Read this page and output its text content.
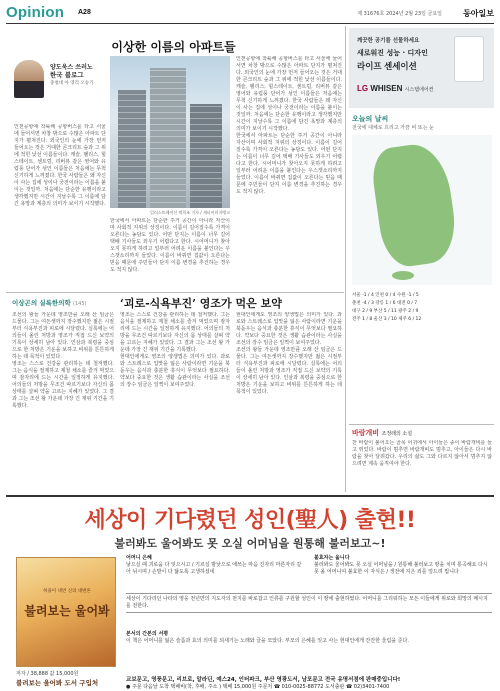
Opinion A28	제 31676호 2024년 2월 23일 금요일	동아일보
이상한 이름의 아파트들
양도욱스 쓰러노
한국 블로그
충청대 아 영리 오승기

인천공항에 착륙해 공항버스를 타고 서울에 들어서면 차창 밖으로 수많은 아파트 단지가 펼쳐진다. 외국인의 눈에 가장 먼저 들어오는 것은 거대한 콘크리트 숲과 그 위에 적힌 낯선 이름들이다. 캐슬, 팰리스, 힐스테이트, 센트럴, 리버뷰 같은 영어와 유럽풍 단어가 섞인 이름들은 처음에는 무척 신기하게 느껴졌다. 한국 사람들은 왜 자신이 사는 집에 성이나 궁전이라는 이름을 붙이는 것일까. 처음에는 단순한 유행이라고 생각했지만 시간이 지날수록 그 이름에 담긴 욕망과 계층의 의미가 보이기 시작했다.

일러스트레이션 박희조 기자 / 게티이미지뱅크

한국에서 아파트는 단순한 주거 공간이 아니라 자산이며 사회적 지위의 상징이다. 이름이 길어질수록 가격이 오른다는 농담도 있다. 어떤 단지는 이름이 너무 길어 택배 기사들도 외우기 어렵다고 한다. 시어머니가 찾아오지 못하게 하려고 일부러 어려운 이름을 붙인다는 우스갯소리까지 들었다. 이름이 바뀌면 집값이 오른다는 믿음 때문에 주민들이 단지 이름 변경을 추진하는 경우도 적지 않다.

인천공항에 착륙해 공항버스를 타고 서울에 들어서면 차창 밖으로 수많은 아파트 단지가 펼쳐진다. 외국인의 눈에 가장 먼저 들어오는 것은 거대한 콘크리트 숲과 그 위에 적힌 낯선 이름들이다. 캐슬, 팰리스, 힐스테이트, 센트럴, 리버뷰 같은 영어와 유럽풍 단어가 섞인 이름들은 처음에는 무척 신기하게 느껴졌다. 한국 사람들은 왜 자신이 사는 집에 성이나 궁전이라는 이름을 붙이는 것일까. 처음에는 단순한 유행이라고 생각했지만 시간이 지날수록 그 이름에 담긴 욕망과 계층의 의미가 보이기 시작했다.

한국에서 아파트는 단순한 주거 공간이 아니라 자산이며 사회적 지위의 상징이다. 이름이 길어질수록 가격이 오른다는 농담도 있다. 어떤 단지는 이름이 너무 길어 택배 기사들도 외우기 어렵다고 한다. 시어머니가 찾아오지 못하게 하려고 일부러 어려운 이름을 붙인다는 우스갯소리까지 들었다. 이름이 바뀌면 집값이 오른다는 믿음 때문에 주민들이 단지 이름 변경을 추진하는 경우도 적지 않다.

깨끗한 공기를 선물하세요
새로워진 성능 · 디자인
라이프 센세이션
LG WHISEN 시스템에어컨
오늘의 날씨
전국에 대체로 흐리고 가끔 비 또는 눈
서울 -1 / 4 인천 0 / 4 수원 -1 / 5
춘천 -4 / 3 강릉 1 / 6 대전 0 / 7
대구 2 / 9 부산 5 / 11 광주 2 / 9
전주 1 / 8 울산 3 / 10 제주 6 / 12
바람개비 조정래의 소설

찬 바람이 불어오는 골목 어귀에서 아이들은 종이 바람개비를 들고 뛰었다. 바람이 멈추면 바람개비도 멈추고, 아이들은 다시 바람을 찾아 달려갔다. 우리의 삶도 그와 다르지 않아서 멈추지 않으려면 계속 움직여야 한다.

이상곤의 실록한의학 (145)	‘괴로-식욕부진’ 영조가 먹은 보약

조선의 왕들 가운데 영조만큼 오래 산 임금은 드물다. 그는 여든셋까지 장수했지만 젊은 시절부터 식욕부진과 피로에 시달렸다. 실록에는 어의들이 올린 처방과 영조가 직접 드신 보약의 기록이 상세히 남아 있다. 인삼과 복령을 중심으로 한 처방은 기운을 보하고 비위를 튼튼하게 하는 데 목적이 있었다.

영조는 스스로 건강을 관리하는 데 철저했다. 그는 음식을 절제하고 제철 채소를 즐겨 먹었으며 잠자리에 드는 시간을 일정하게 유지했다. 어의들의 처방을 무조건 따르기보다 자신의 몸 상태를 살펴 약을 고르는 지혜가 있었다. 그 결과 그는 조선 왕 가운데 가장 긴 재위 기간을 기록했다.

영조는 스스로 건강을 관리하는 데 철저했다. 그는 음식을 절제하고 제철 채소를 즐겨 먹었으며 잠자리에 드는 시간을 일정하게 유지했다. 어의들의 처방을 무조건 따르기보다 자신의 몸 상태를 살펴 약을 고르는 지혜가 있었다. 그 결과 그는 조선 왕 가운데 가장 긴 재위 기간을 기록했다.

현대인에게도 영조의 양생법은 의미가 있다. 과로와 스트레스로 입맛을 잃은 사람이라면 기운을 북돋우는 음식과 충분한 휴식이 무엇보다 필요하다. 약보다 중요한 것은 생활 습관이라는 사실을 조선의 장수 임금은 일찍이 보여주었다.

현대인에게도 영조의 양생법은 의미가 있다. 과로와 스트레스로 입맛을 잃은 사람이라면 기운을 북돋우는 음식과 충분한 휴식이 무엇보다 필요하다. 약보다 중요한 것은 생활 습관이라는 사실을 조선의 장수 임금은 일찍이 보여주었다.

조선의 왕들 가운데 영조만큼 오래 산 임금은 드물다. 그는 여든셋까지 장수했지만 젊은 시절부터 식욕부진과 피로에 시달렸다. 실록에는 어의들이 올린 처방과 영조가 직접 드신 보약의 기록이 상세히 남아 있다. 인삼과 복령을 중심으로 한 처방은 기운을 보하고 비위를 튼튼하게 하는 데 목적이 있었다.

세상이 기다렸던 성인(聖人) 출현!!
불러봐도 울어봐도 못 오실 어머님을 원통해 불러보고~!
허용이 네번 신의 대변론
불려보는 울어봐
저자 / 38,888 값 15,000원
불려보는 울어봐 도서 구입처
어머니 은혜
낳으실 때 괴로움 다 잊으시고 / 기르실 밤낮으로 애쓰는 마음 진자리 마른자리 갈아 뉘시며 / 손발이 다 닳도록 고생하셨네
불효자는 웁니다
불러봐도 울어봐도 못 오실 어머님을 / 원통해 불러보고 땅을 치며 통곡해요 다시 못 올 어머니여 불효한 이 자식은 / 생전에 지은 죄를 엎드려 빕니다
세상이 기다리던 나타의 영웅 천년만의 지도자의 천지를 바로잡고 인류를 구원할 성인이 이 땅에 출현하였다. 어머니를 그리워하는 모든 이들에게 위로와 희망의 메시지를 전한다.
본서의 간본의 서평
이 책은 어머니를 잃은 슬픔과 효의 의미를 되새기는 노래와 글을 모았다. 부모의 은혜를 잊고 사는 현대인에게 잔잔한 울림을 준다.
교보문고, 영풍문고, 리브로, 알라딘, 예스24, 인터파크, 부산 영광도서, 남포문고 전국 유명서점에 판매중입니다!
● 주문 다음날 도착 택배비(착, 후배, 주소 ) 택배 15,000원 주문처 ☎ 010-0025-88772 도서출판 ☎ 02)3401-7400
